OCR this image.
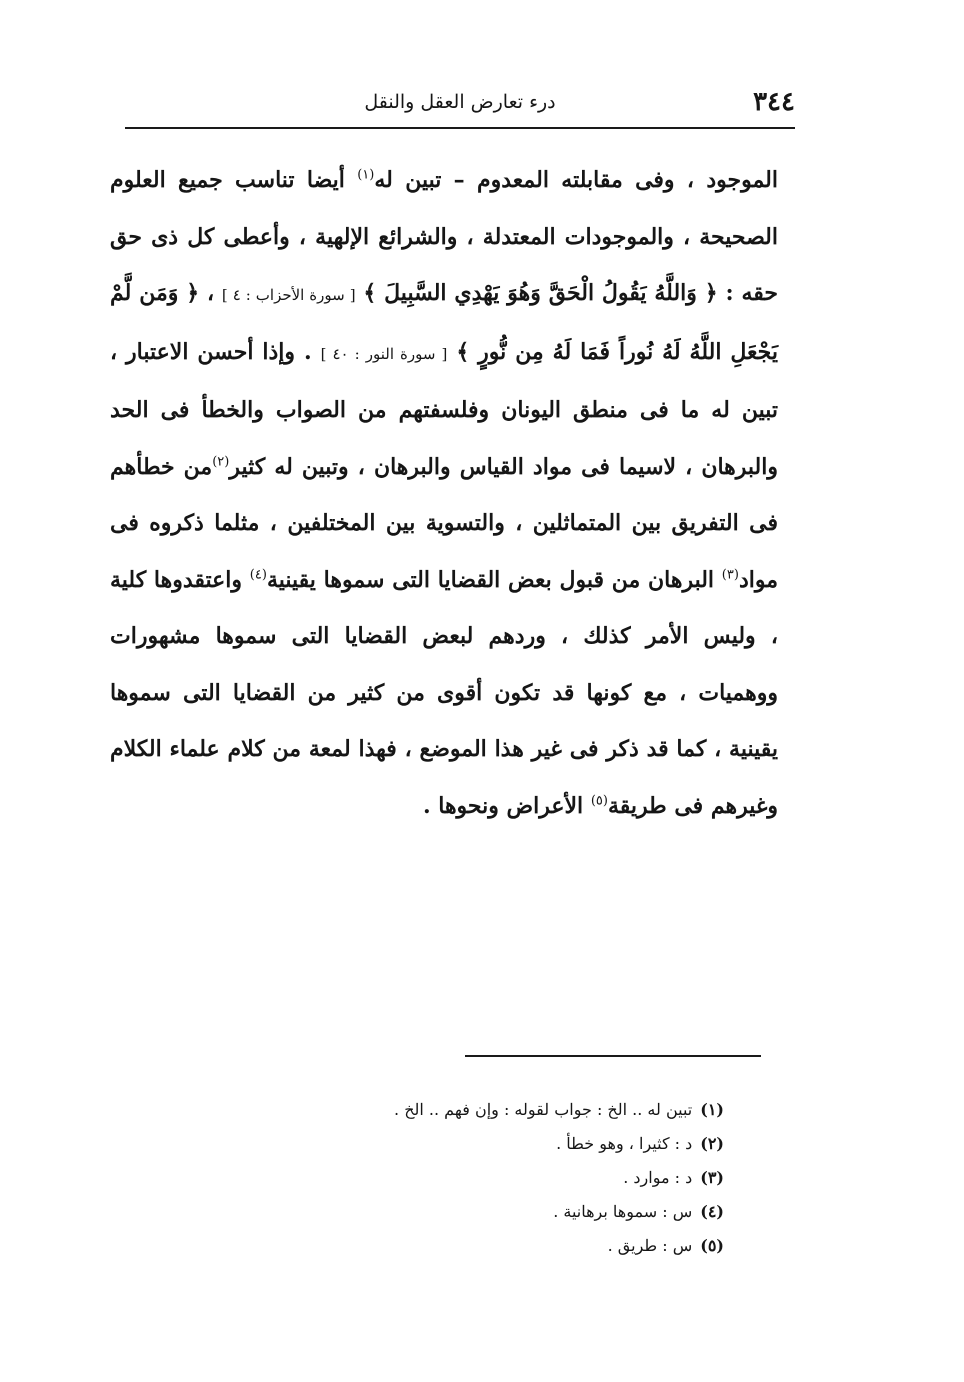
٣٤٤
درء تعارض العقل والنقل

الموجود ، وفى مقابلته المعدوم – تبين له$^{(١)}$ أيضا تناسب جميع العلوم الصحيحة ، والموجودات المعتدلة ، والشرائع الإلهية ، وأعطى كل ذى حق حقه : ﴿ وَاللَّهُ يَقُولُ الْحَقَّ وَهُوَ يَهْدِي السَّبِيلَ ﴾ [ سورة الأحزاب : ٤ ] ، ﴿ وَمَن لَّمْ يَجْعَلِ اللَّهُ لَهُ نُوراً فَمَا لَهُ مِن نُّورٍ ﴾ [ سورة النور : ٤٠ ] . وإذا أحسن الاعتبار ، تبين له ما فى منطق اليونان وفلسفتهم من الصواب والخطأ فى الحد والبرهان ، لاسيما فى مواد القياس والبرهان ، وتبين له كثير$^{(٢)}$من خطأهم فى التفريق بين المتماثلين ، والتسوية بين المختلفين ، مثلما ذكروه فى مواد$^{(٣)}$ البرهان من قبول بعض القضايا التى سموها يقينية$^{(٤)}$ واعتقدوها كلية ، وليس الأمر كذلك ، وردهم لبعض القضايا التى سموها مشهورات ووهميات ، مع كونها قد تكون أقوى من كثير من القضايا التى سموها يقينية ، كما قد ذكر فى غير هذا الموضع ، فهذا لمعة من كلام علماء الكلام وغيرهم فى طريقة$^{(٥)}$ الأعراض ونحوها .

(١)تبين له .. الخ : جواب لقوله : وإن فهم .. الخ .
(٢)د : كثيرا ، وهو خطأ .
(٣)د : موارد .
(٤)س : سموها برهانية .
(٥)س : طريق .
